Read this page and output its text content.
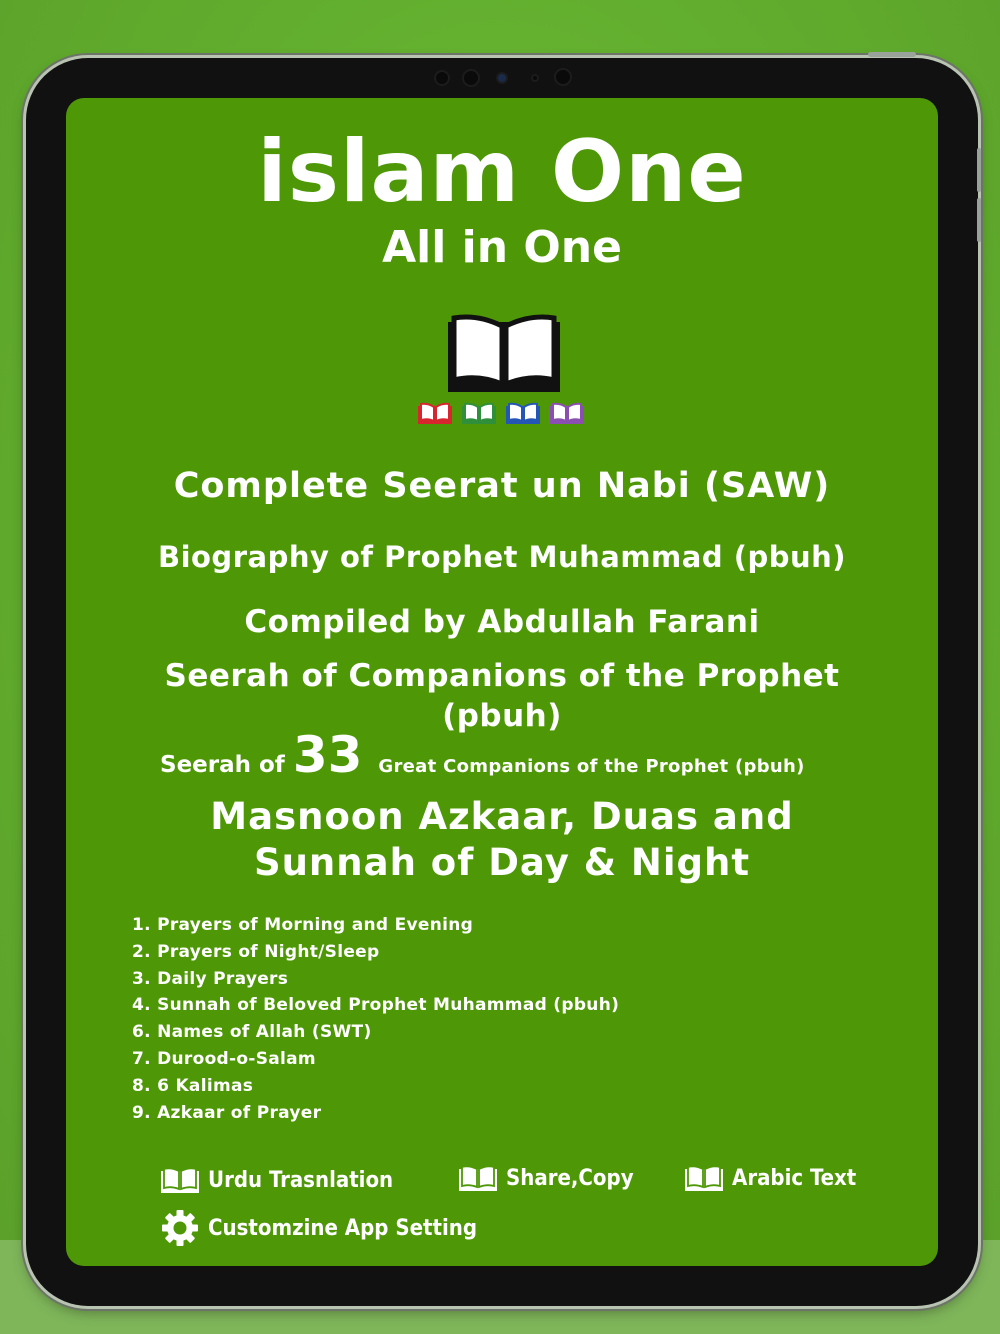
islam One
All in One
Complete Seerat un Nabi (SAW)
Biography of Prophet Muhammad (pbuh)
Compiled by Abdullah Farani
Seerah of Companions of the Prophet (pbuh)
Seerah of 33 Great Companions of the Prophet (pbuh)
Masnoon Azkaar, Duas and
Sunnah of Day & Night
1. Prayers of Morning and Evening
2. Prayers of Night/Sleep
3. Daily Prayers
4. Sunnah of Beloved Prophet Muhammad (pbuh)
6. Names of Allah (SWT)
7. Durood-o-Salam
8. 6 Kalimas
9. Azkaar of Prayer
Urdu Trasnlation	Share,Copy	Arabic Text
Customzine App Setting
